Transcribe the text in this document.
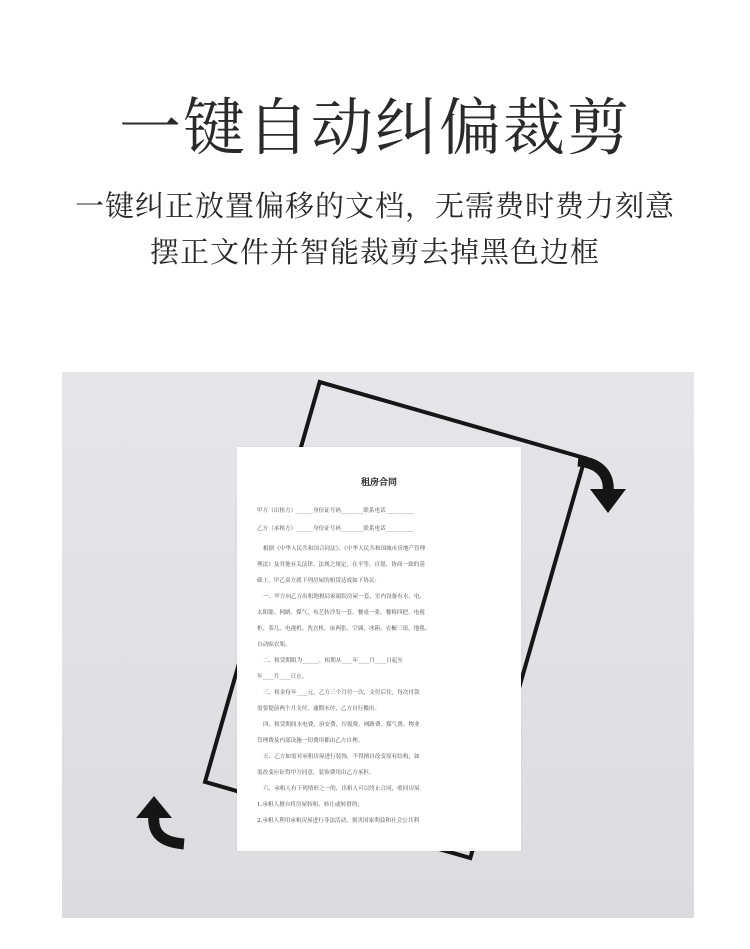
一键自动纠偏裁剪
一键纠正放置偏移的文档，无需费时费力刻意
摆正文件并智能裁剪去掉黑色边框
租房合同
甲方（出租方）______身份证号码________联系电话__________
乙方（承租方）______身份证号码________联系电话__________
根据《中华人民共和国合同法》、《中华人民共和国城市房地产管理
理法》及其他有关法律、法规之规定，在平等、自愿、协商一致的基
础上，甲乙双方就下列房屋的租赁达成如下协议：
一、甲方向乙方出租地税局家属院房屋一套，室内设备有水、电、
太阳能、网路、煤气、布艺转沙发一套、餐桌一张、餐椅四把、电视
柜、茶几、电视机、洗衣机、床两张、空调、冰箱、衣橱三组、地毯、
自动晾衣架。
二、租赁期限为______，租期从____年____月____日起至
年____月____日止。
三、租金每年____元，乙方三个月付一次，支付后住，每次付款
需要提前两个月支付，逾期未付，乙方自行搬出。
四、租赁期间水电费、治安费、垃圾费、网路费、煤气费、物业
管理费及内部设施一切费用都由乙方自理。
五、乙方如需对承租房屋进行装饰，不得擅自改变原有结构，如
需改变应征得甲方同意，装饰费用由乙方承担。
六、承租人有下列情形之一的，出租人可以终止合同，收回房屋：
1.承租人擅自将房屋转租、转让或转借的；
2.承租人利用承租房屋进行非法活动，损害国家利益和社会公共利
